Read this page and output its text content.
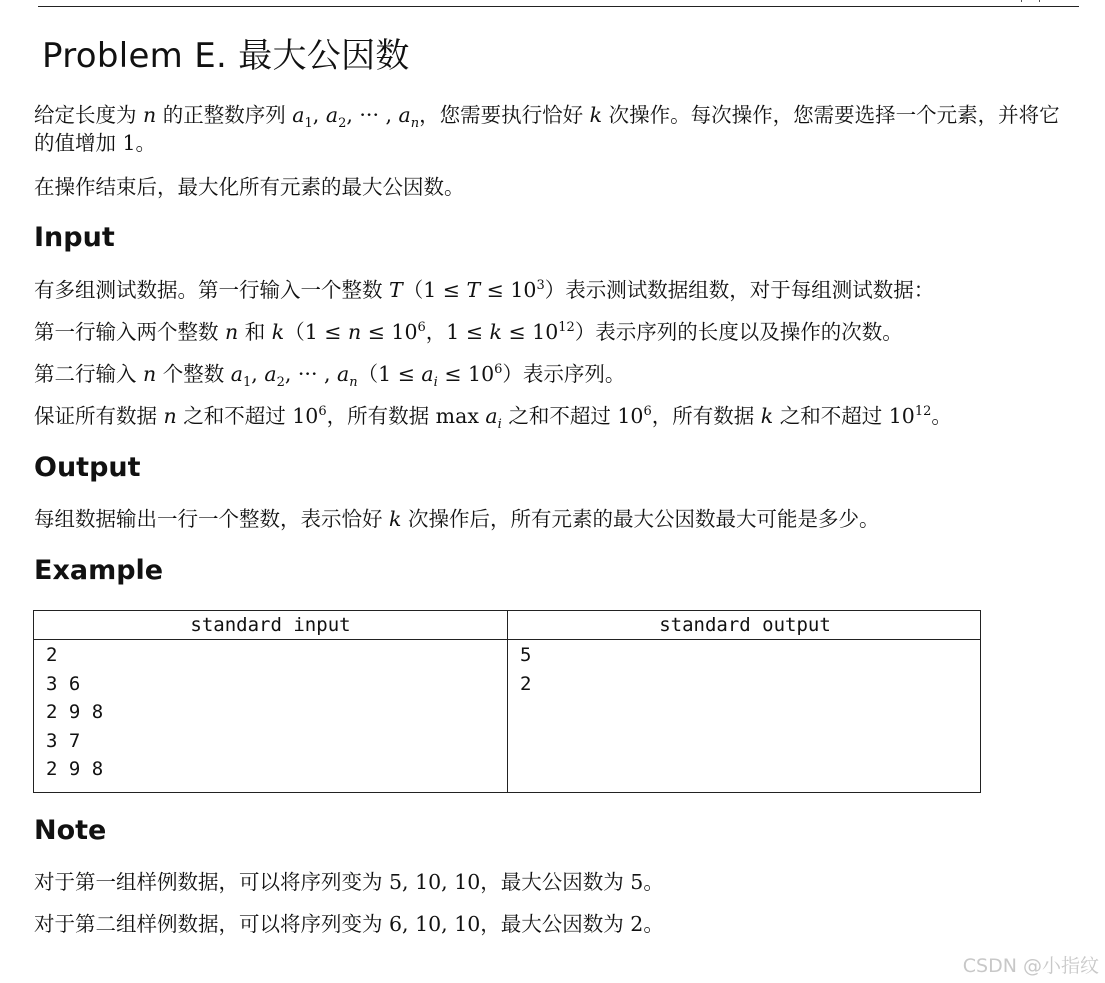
Problem E. 最大公因数

给定长度为 n 的正整数序列 $a_1$, $a_2$, ··· , $a_n$，您需要执行恰好 k 次操作。每次操作，您需要选择一个元素，并将它的值增加 1。

在操作结束后，最大化所有元素的最大公因数。

Input

有多组测试数据。第一行输入一个整数 $T(1 \le T \le 10^3)$表示测试数据组数，对于每组测试数据：

第一行输入两个整数 n 和 $k(1 \le n \le 10^6$，$1 \le k \le 10^{12}$）表示序列的长度以及操作的次数。

第二行输入 n 个整数 $a_1$, $a_2$, ··· , $a_n(1 \le a_i \le 10^6)$表示序列。

保证所有数据 n 之和不超过 $10^6$，所有数据 $\max a_i$ 之和不超过 $10^6$，所有数据 k 之和不超过 $10^{12}$。

Output

每组数据输出一行一个整数，表示恰好 k 次操作后，所有元素的最大公因数最大可能是多少。

Example
standard input	standard output
2
3 6
2 9 8
3 7
2 9 8
5
2
Note

对于第一组样例数据，可以将序列变为 5, 10, 10，最大公因数为 5。

对于第二组样例数据，可以将序列变为 6, 10, 10，最大公因数为 2。

CSDN @小指纹
